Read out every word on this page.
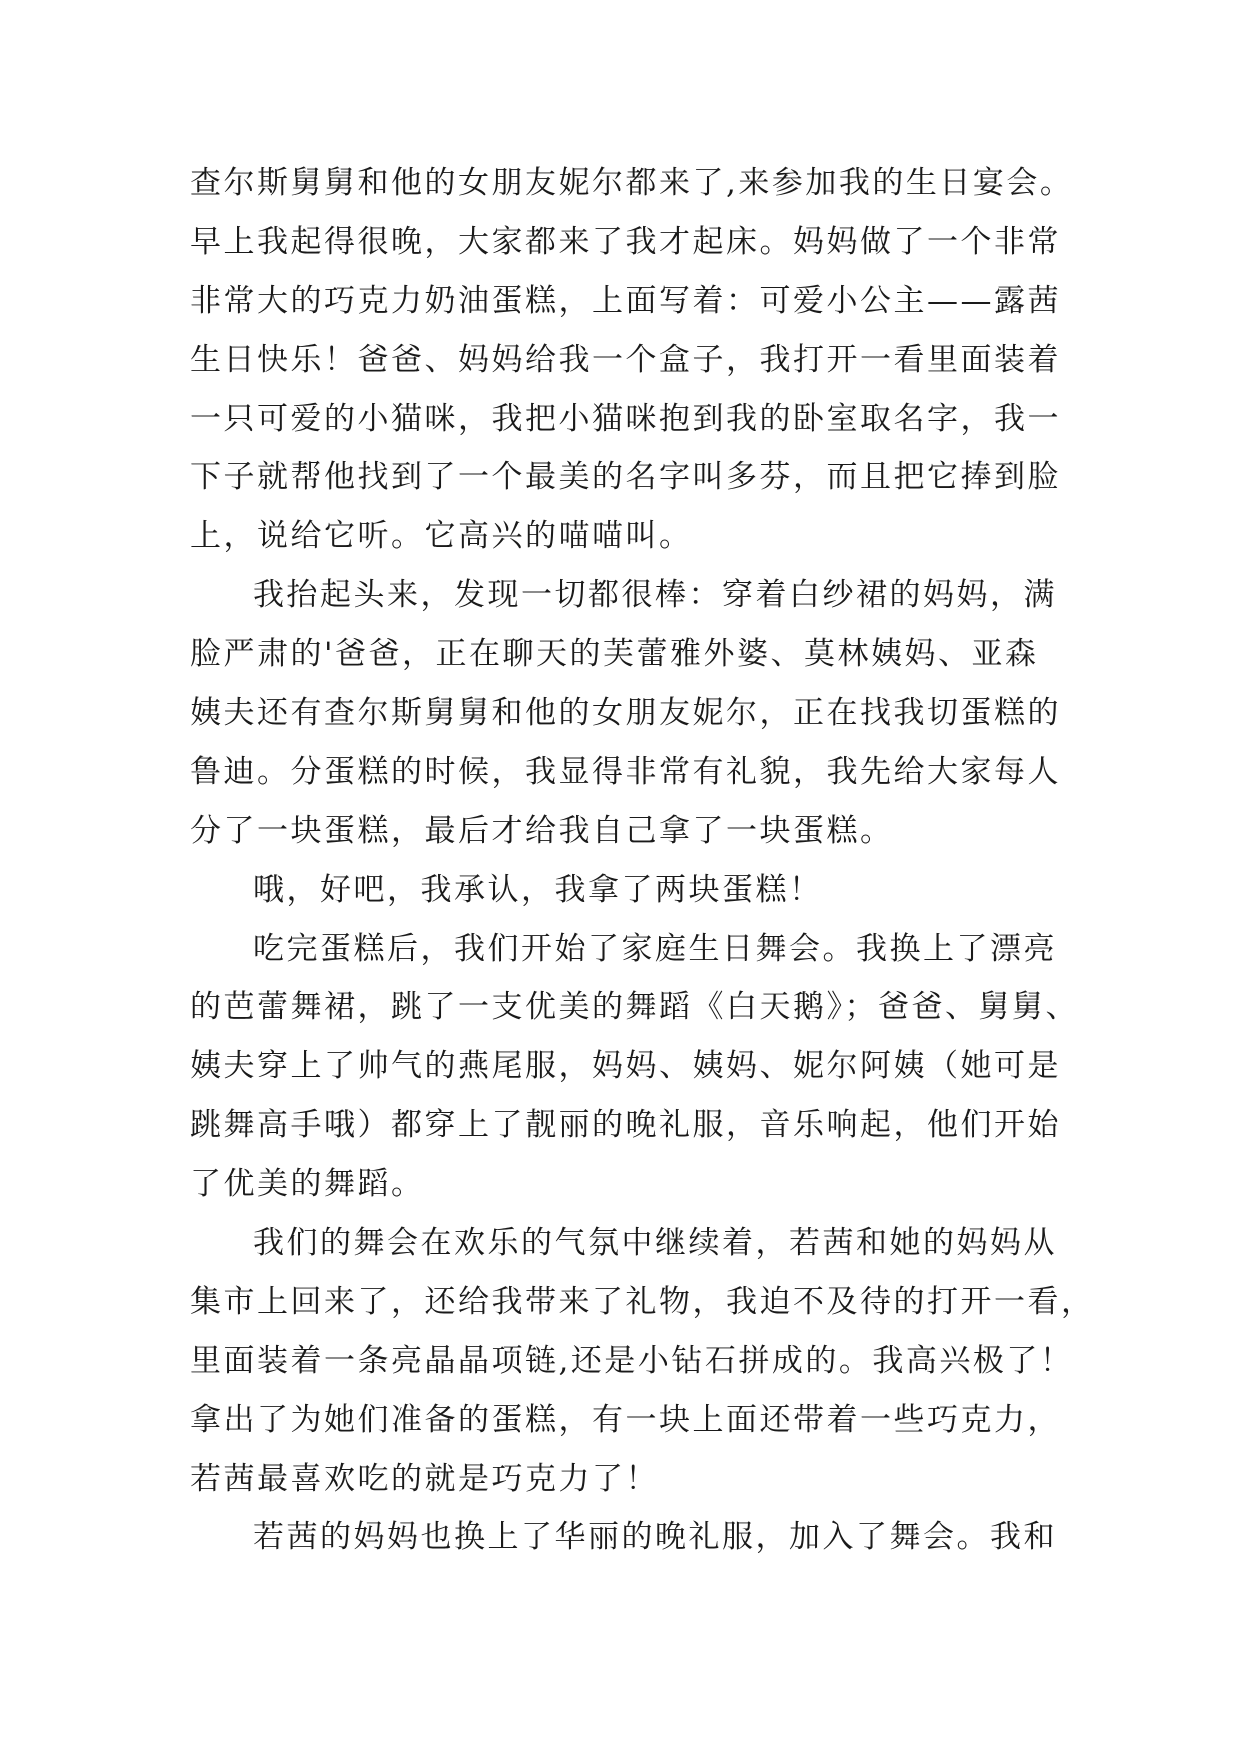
查尔斯舅舅和他的女朋友妮尔都来了,来参加我的生日宴会。

早上我起得很晚，大家都来了我才起床。妈妈做了一个非常

非常大的巧克力奶油蛋糕，上面写着：可爱小公主——露茜

生日快乐！爸爸、妈妈给我一个盒子，我打开一看里面装着

一只可爱的小猫咪，我把小猫咪抱到我的卧室取名字，我一

下子就帮他找到了一个最美的名字叫多芬，而且把它捧到脸

上，说给它听。它高兴的喵喵叫。

我抬起头来，发现一切都很棒：穿着白纱裙的妈妈，满

脸严肃的'爸爸，正在聊天的芙蕾雅外婆、莫林姨妈、亚森

姨夫还有查尔斯舅舅和他的女朋友妮尔，正在找我切蛋糕的

鲁迪。分蛋糕的时候，我显得非常有礼貌，我先给大家每人

分了一块蛋糕，最后才给我自己拿了一块蛋糕。

哦，好吧，我承认，我拿了两块蛋糕！

吃完蛋糕后，我们开始了家庭生日舞会。我换上了漂亮

的芭蕾舞裙，跳了一支优美的舞蹈《白天鹅》；爸爸、舅舅、

姨夫穿上了帅气的燕尾服，妈妈、姨妈、妮尔阿姨（她可是

跳舞高手哦）都穿上了靓丽的晚礼服，音乐响起，他们开始

了优美的舞蹈。

我们的舞会在欢乐的气氛中继续着，若茜和她的妈妈从

集市上回来了，还给我带来了礼物，我迫不及待的打开一看，

里面装着一条亮晶晶项链,还是小钻石拼成的。我高兴极了！

拿出了为她们准备的蛋糕，有一块上面还带着一些巧克力，

若茜最喜欢吃的就是巧克力了！

若茜的妈妈也换上了华丽的晚礼服，加入了舞会。我和
